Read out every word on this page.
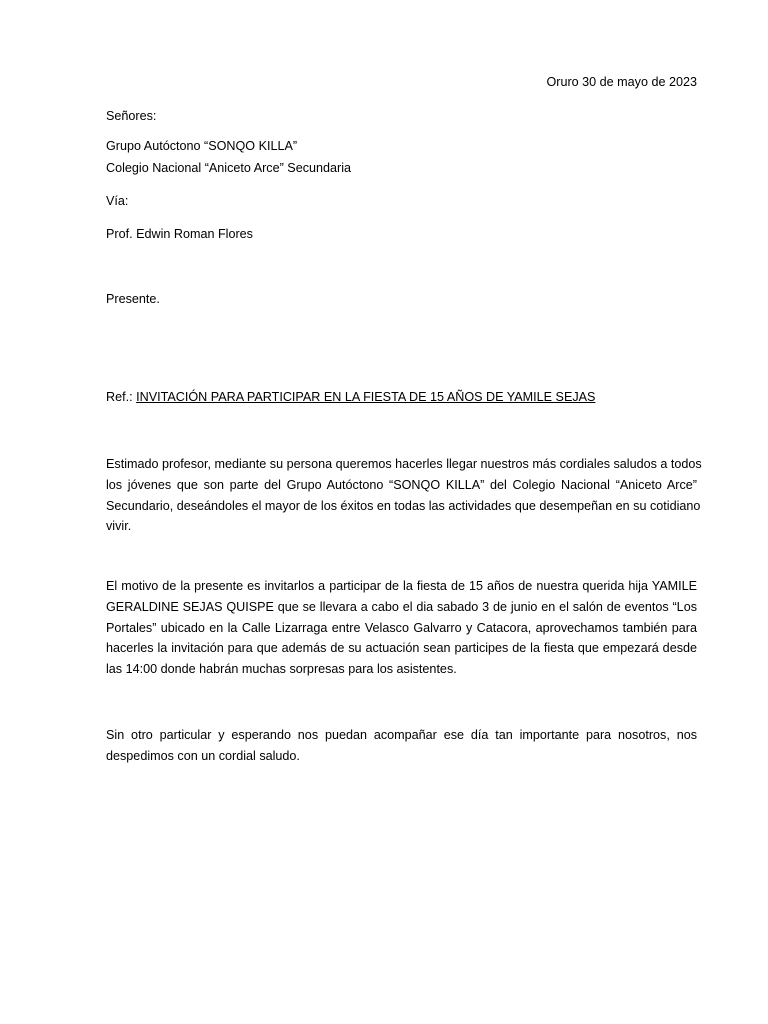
Oruro 30 de mayo de 2023
Señores:
Grupo Autóctono “SONQO KILLA”
Colegio Nacional “Aniceto Arce” Secundaria
Vía:
Prof. Edwin Roman Flores
Presente.
Ref.: INVITACIÓN PARA PARTICIPAR EN LA FIESTA DE 15 AÑOS DE YAMILE SEJAS
Estimado profesor, mediante su persona queremos hacerles llegar nuestros más cordiales saludos a todos
los jóvenes que son parte del Grupo Autóctono “SONQO KILLA” del Colegio Nacional “Aniceto Arce”
Secundario, deseándoles el mayor de los éxitos en todas las actividades que desempeñan en su cotidiano
vivir.
El motivo de la presente es invitarlos a participar de la fiesta de 15 años de nuestra querida hija YAMILE
GERALDINE SEJAS QUISPE que se llevara a cabo el dia sabado 3 de junio en el salón de eventos “Los
Portales” ubicado en la Calle Lizarraga entre Velasco Galvarro y Catacora, aprovechamos también para
hacerles la invitación para que además de su actuación sean participes de la fiesta que empezará desde
las 14:00 donde habrán muchas sorpresas para los asistentes.
Sin otro particular y esperando nos puedan acompañar ese día tan importante para nosotros, nos
despedimos con un cordial saludo.
